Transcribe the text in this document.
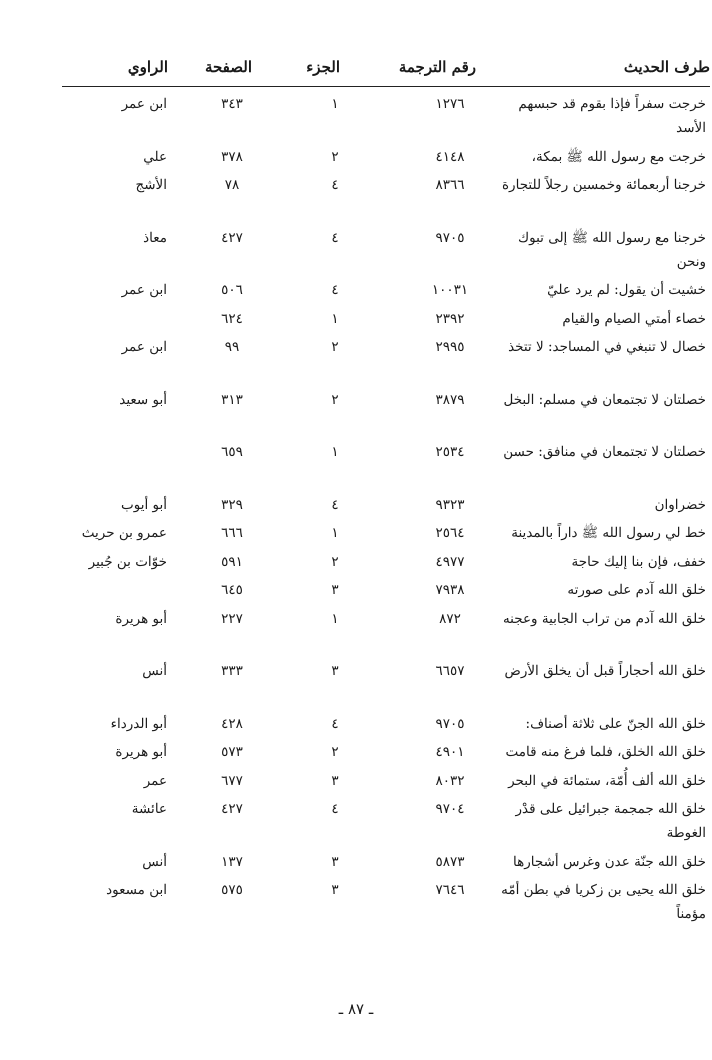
طرف الحديث
رقم الترجمة
الجزء
الصفحة
الراوي
خرجت سفراً فإذا بقوم قد حبسهم الأسد
١٢٧٦
١
٣٤٣
ابن عمر
خرجت مع رسول الله ﷺ بمكة،
٤١٤٨
٢
٣٧٨
علي
خرجنا أربعمائة وخمسين رجلاً للتجارة
٨٣٦٦
٤
٧٨
الأشج
خرجنا مع رسول الله ﷺ إلى تبوك ونحن
٩٧٠٥
٤
٤٢٧
معاذ
خشيت أن يقول: لم يرد عليّ
١٠٠٣١
٤
٥٠٦
ابن عمر
خصاء أمتي الصيام والقيام
٢٣٩٢
١
٦٢٤
خصال لا تنبغي في المساجد: لا تتخذ
٢٩٩٥
٢
٩٩
ابن عمر
خصلتان لا تجتمعان في مسلم: البخل
٣٨٧٩
٢
٣١٣
أبو سعيد
خصلتان لا تجتمعان في منافق: حسن
٢٥٣٤
١
٦٥٩
خضراوان
٩٣٢٣
٤
٣٢٩
أبو أيوب
خط لي رسول الله ﷺ داراً بالمدينة
٢٥٦٤
١
٦٦٦
عمرو بن حريث
خفف، فإن بنا إليك حاجة
٤٩٧٧
٢
٥٩١
خوّات بن جُبير
خلق الله آدم على صورته
٧٩٣٨
٣
٦٤٥
خلق الله آدم من تراب الجابية وعجنه
٨٧٢
١
٢٢٧
أبو هريرة
خلق الله أحجاراً قبل أن يخلق الأرض
٦٦٥٧
٣
٣٣٣
أنس
خلق الله الجنّ على ثلاثة أصناف:
٩٧٠٥
٤
٤٢٨
أبو الدرداء
خلق الله الخلق، فلما فرغ منه قامت
٤٩٠١
٢
٥٧٣
أبو هريرة
خلق الله ألف أُمّة، ستمائة في البحر
٨٠٣٢
٣
٦٧٧
عمر
خلق الله جمجمة جبرائيل على قدْر الغوطة
٩٧٠٤
٤
٤٢٧
عائشة
خلق الله جنّة عدن وغرس أشجارها
٥٨٧٣
٣
١٣٧
أنس
خلق الله يحيى بن زكريا في بطن أمّه مؤمناً
٧٦٤٦
٣
٥٧٥
ابن مسعود
ـ ٨٧ ـ
